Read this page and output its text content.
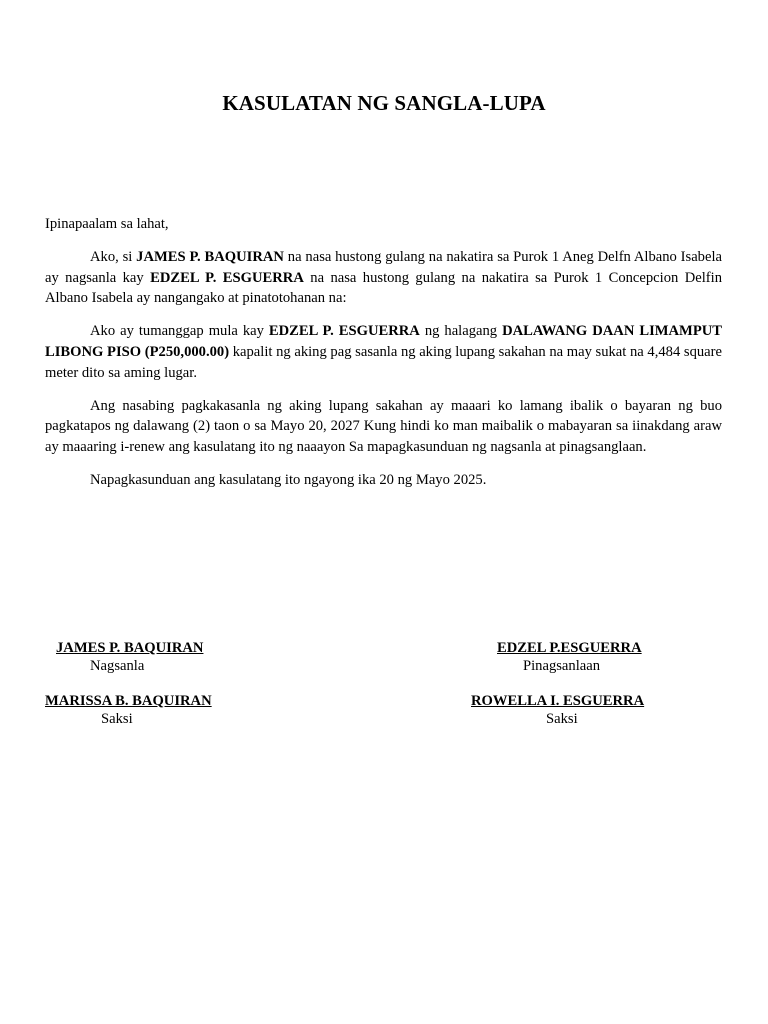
KASULATAN NG SANGLA-LUPA

Ipinapaalam sa lahat,

Ako, si JAMES P. BAQUIRAN na nasa hustong gulang na nakatira sa Purok 1 Aneg Delfn Albano Isabela ay nagsanla kay EDZEL P. ESGUERRA na nasa hustong gulang na nakatira sa Purok 1 Concepcion Delfin Albano Isabela ay nangangako at pinatotohanan na:

Ako ay tumanggap mula kay EDZEL P. ESGUERRA ng halagang DALAWANG DAAN LIMAMPUT LIBONG PISO (P250,000.00) kapalit ng aking pag sasanla ng aking lupang sakahan na may sukat na 4,484 square meter dito sa aming lugar.

Ang nasabing pagkakasanla ng aking lupang sakahan ay maaari ko lamang ibalik o bayaran ng buo pagkatapos ng dalawang (2) taon o sa Mayo 20, 2027 Kung hindi ko man maibalik o mabayaran sa iinakdang araw ay maaaring i-renew ang kasulatang ito ng naaayon Sa mapagkasunduan ng nagsanla at pinagsanglaan.

Napagkasunduan ang kasulatang ito ngayong ika 20 ng Mayo 2025.

JAMES P. BAQUIRAN
Nagsanla
EDZEL P.ESGUERRA
Pinagsanlaan
MARISSA B. BAQUIRAN
Saksi
ROWELLA I. ESGUERRA
Saksi
